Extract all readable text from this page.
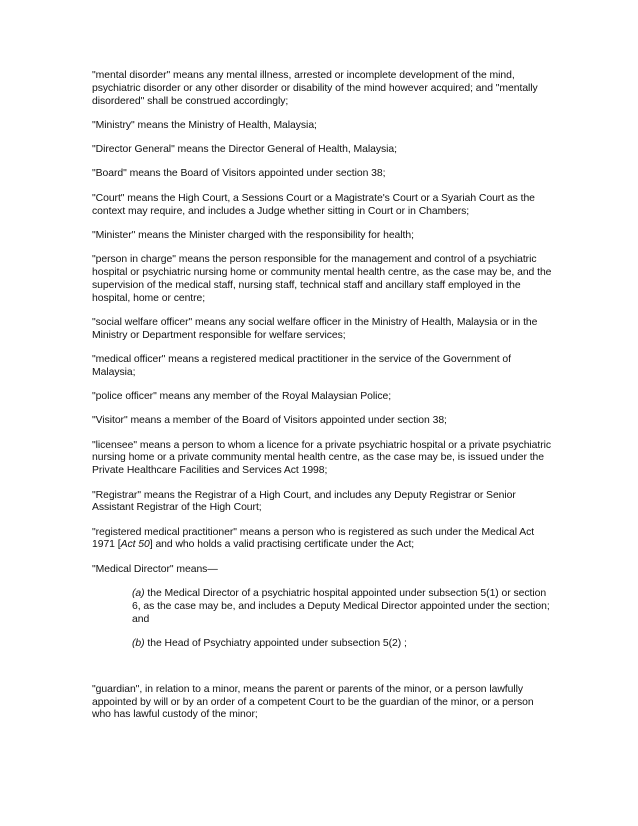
"mental disorder" means any mental illness, arrested or incomplete development of the mind, psychiatric disorder or any other disorder or disability of the mind however acquired; and "mentally disordered" shall be construed accordingly;

"Ministry" means the Ministry of Health, Malaysia;

"Director General" means the Director General of Health, Malaysia;

"Board" means the Board of Visitors appointed under section 38;

"Court" means the High Court, a Sessions Court or a Magistrate's Court or a Syariah Court as the context may require, and includes a Judge whether sitting in Court or in Chambers;

"Minister" means the Minister charged with the responsibility for health;

"person in charge" means the person responsible for the management and control of a psychiatric hospital or psychiatric nursing home or community mental health centre, as the case may be, and the supervision of the medical staff, nursing staff, technical staff and ancillary staff employed in the hospital, home or centre;

"social welfare officer" means any social welfare officer in the Ministry of Health, Malaysia or in the Ministry or Department responsible for welfare services;

"medical officer" means a registered medical practitioner in the service of the Government of Malaysia;

"police officer" means any member of the Royal Malaysian Police;

"Visitor" means a member of the Board of Visitors appointed under section 38;

"licensee" means a person to whom a licence for a private psychiatric hospital or a private psychiatric nursing home or a private community mental health centre, as the case may be, is issued under the Private Healthcare Facilities and Services Act 1998;

"Registrar" means the Registrar of a High Court, and includes any Deputy Registrar or Senior Assistant Registrar of the High Court;

"registered medical practitioner" means a person who is registered as such under the Medical Act 1971 [Act 50] and who holds a valid practising certificate under the Act;

"Medical Director" means—

(a) the Medical Director of a psychiatric hospital appointed under subsection 5(1) or section 6, as the case may be, and includes a Deputy Medical Director appointed under the section; and

(b) the Head of Psychiatry appointed under subsection 5(2) ;

"guardian", in relation to a minor, means the parent or parents of the minor, or a person lawfully appointed by will or by an order of a competent Court to be the guardian of the minor, or a person who has lawful custody of the minor;
